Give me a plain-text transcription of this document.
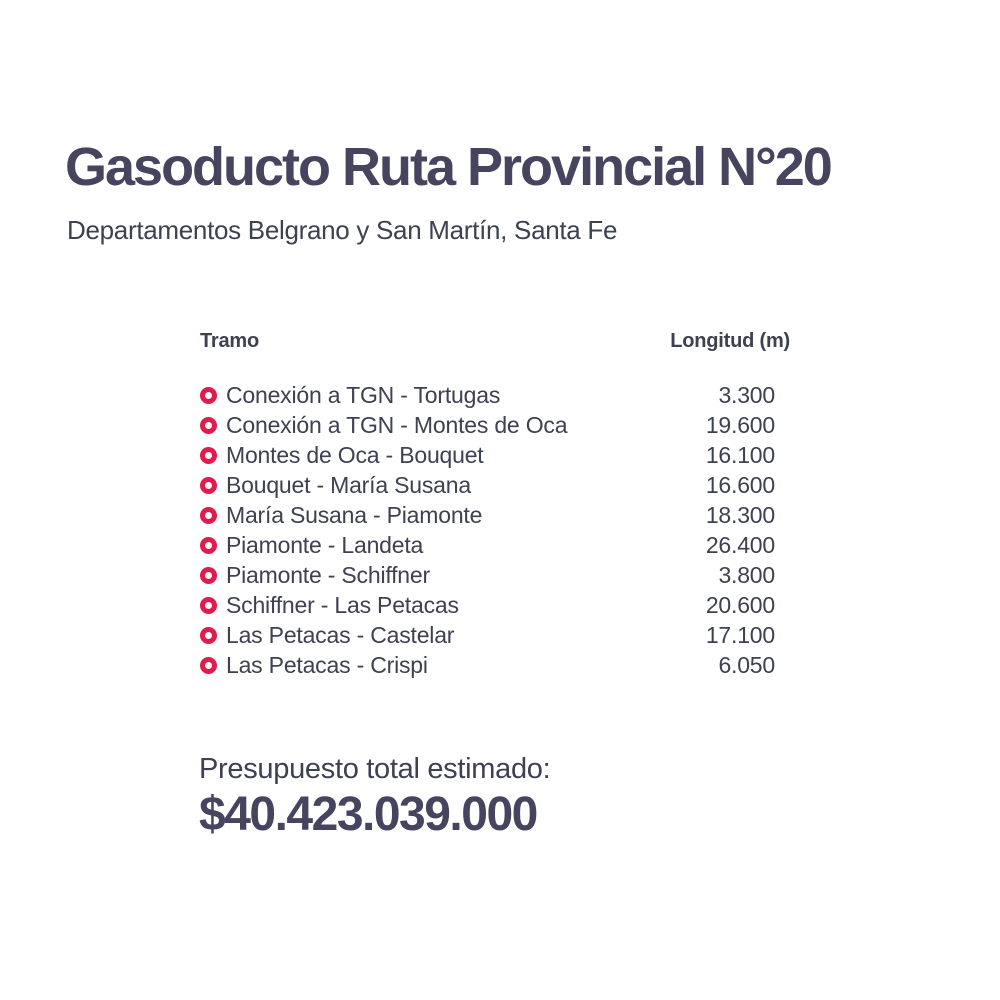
Gasoducto Ruta Provincial N°20

Departamentos Belgrano y San Martín, Santa Fe

Tramo	Longitud (m)
Conexión a TGN - Tortugas	3.300
Conexión a TGN - Montes de Oca	19.600
Montes de Oca - Bouquet	16.100
Bouquet - María Susana	16.600
María Susana - Piamonte	18.300
Piamonte - Landeta	26.400
Piamonte - Schiffner	3.800
Schiffner - Las Petacas	20.600
Las Petacas - Castelar	17.100
Las Petacas - Crispi	6.050
Presupuesto total estimado:
$40.423.039.000
